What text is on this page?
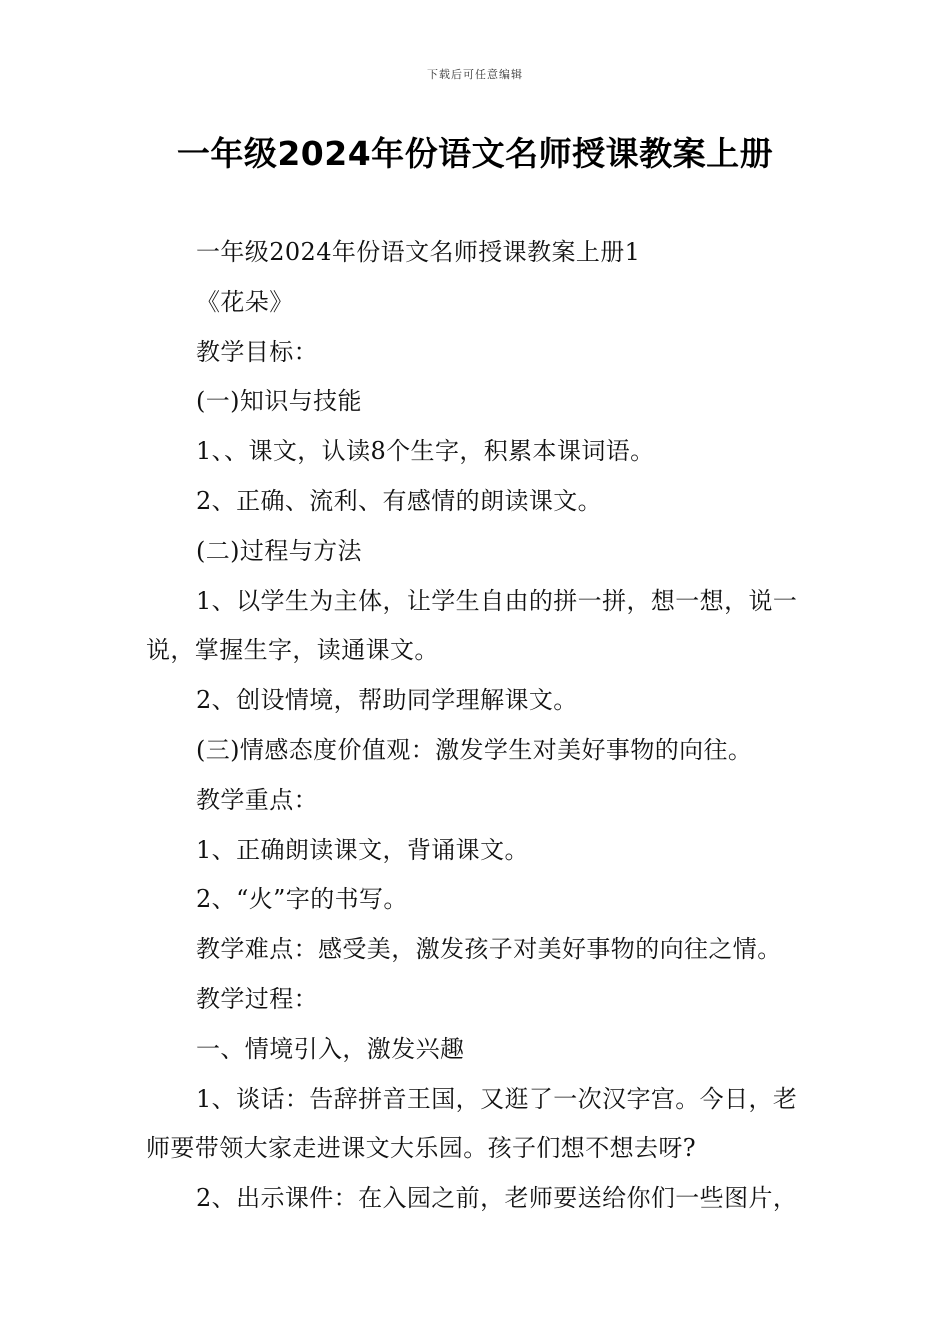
下载后可任意编辑
一年级2024年份语文名师授课教案上册

一年级2024年份语文名师授课教案上册1

《花朵》

教学目标：

(一)知识与技能

1、、课文，认读8个生字，积累本课词语。

2、正确、流利、有感情的朗读课文。

(二)过程与方法

1、以学生为主体，让学生自由的拼一拼，想一想，说一说，掌握生字，读通课文。

2、创设情境，帮助同学理解课文。

(三)情感态度价值观：激发学生对美好事物的向往。

教学重点：

1、正确朗读课文，背诵课文。

2、“火”字的书写。

教学难点：感受美，激发孩子对美好事物的向往之情。

教学过程：

一、情境引入，激发兴趣

1、谈话：告辞拼音王国，又逛了一次汉字宫。今日，老师要带领大家走进课文大乐园。孩子们想不想去呀?

2、出示课件：在入园之前，老师要送给你们一些图片，
